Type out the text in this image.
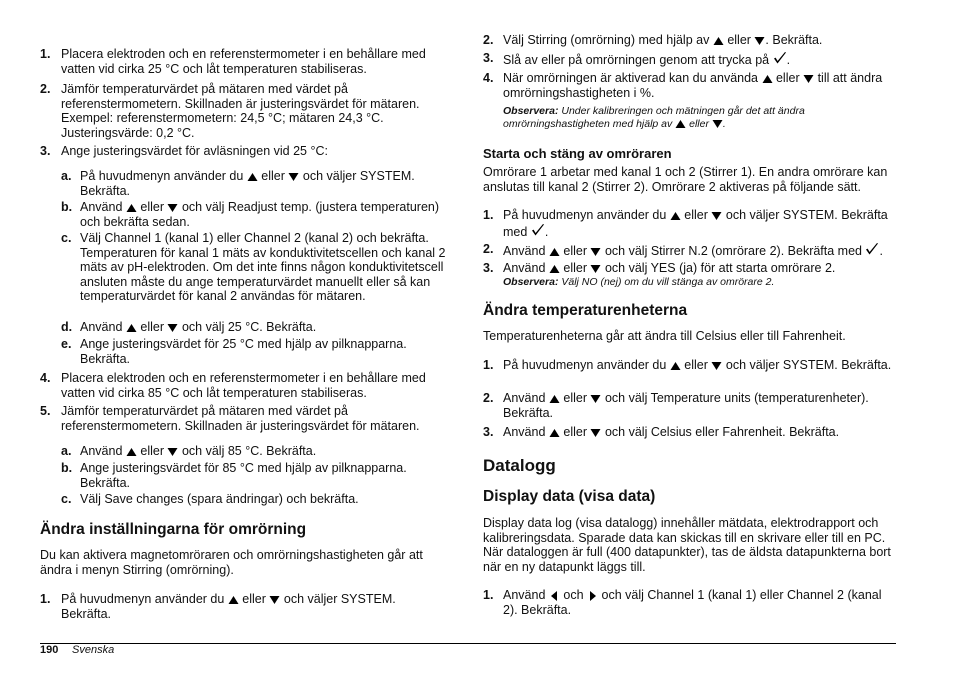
1. Placera elektroden och en referenstermometer i en behållare med vatten vid cirka 25 °C och låt temperaturen stabiliseras.
2. Jämför temperaturvärdet på mätaren med värdet på referenstermometern. Skillnaden är justeringsvärdet för mätaren. Exempel: referenstermometern: 24,5 °C; mätaren 24,3 °C. Justeringsvärde: 0,2 °C.
3. Ange justeringsvärdet för avläsningen vid 25 °C:
a. På huvudmenyn använder du eller och väljer SYSTEM. Bekräfta.
b. Använd eller och välj Readjust temp. (justera temperaturen) och bekräfta sedan.
c. Välj Channel 1 (kanal 1) eller Channel 2 (kanal 2) och bekräfta. Temperaturen för kanal 1 mäts av konduktivitetscellen och kanal 2 mäts av pH-elektroden. Om det inte finns någon konduktivitetscell ansluten måste du ange temperaturvärdet manuellt eller så kan temperaturvärdet för kanal 2 användas för mätaren.
d. Använd eller och välj 25 °C. Bekräfta.
e. Ange justeringsvärdet för 25 °C med hjälp av pilknapparna. Bekräfta.
4. Placera elektroden och en referenstermometer i en behållare med vatten vid cirka 85 °C och låt temperaturen stabiliseras.
5. Jämför temperaturvärdet på mätaren med värdet på referenstermometern. Skillnaden är justeringsvärdet för mätaren.
a. Använd eller och välj 85 °C. Bekräfta.
b. Ange justeringsvärdet för 85 °C med hjälp av pilknapparna. Bekräfta.
c. Välj Save changes (spara ändringar) och bekräfta.
Ändra inställningarna för omrörning
Du kan aktivera magnetomröraren och omrörningshastigheten går att ändra i menyn Stirring (omrörning).
1. På huvudmenyn använder du eller och väljer SYSTEM. Bekräfta.
2. Välj Stirring (omrörning) med hjälp av eller . Bekräfta.
3. Slå av eller på omrörningen genom att trycka på .
4. När omrörningen är aktiverad kan du använda eller till att ändra omrörningshastigheten i %.
Observera: Under kalibreringen och mätningen går det att ändra omrörningshastigheten med hjälp av eller .
Starta och stäng av omröraren
Omrörare 1 arbetar med kanal 1 och 2 (Stirrer 1). En andra omrörare kan anslutas till kanal 2 (Stirrer 2). Omrörare 2 aktiveras på följande sätt.
1. På huvudmenyn använder du eller och väljer SYSTEM. Bekräfta med .
2. Använd eller och välj Stirrer N.2 (omrörare 2). Bekräfta med .
3. Använd eller och välj YES (ja) för att starta omrörare 2.
Observera: Välj NO (nej) om du vill stänga av omrörare 2.
Ändra temperaturenheterna
Temperaturenheterna går att ändra till Celsius eller till Fahrenheit.
1. På huvudmenyn använder du eller och väljer SYSTEM. Bekräfta.
2. Använd eller och välj Temperature units (temperaturenheter). Bekräfta.
3. Använd eller och välj Celsius eller Fahrenheit. Bekräfta.
Datalogg
Display data (visa data)
Display data log (visa datalogg) innehåller mätdata, elektrodrapport och kalibreringsdata. Sparade data kan skickas till en skrivare eller till en PC. När dataloggen är full (400 datapunkter), tas de äldsta datapunkterna bort när en ny datapunkt läggs till.
1. Använd och och välj Channel 1 (kanal 1) eller Channel 2 (kanal 2). Bekräfta.
190 Svenska
